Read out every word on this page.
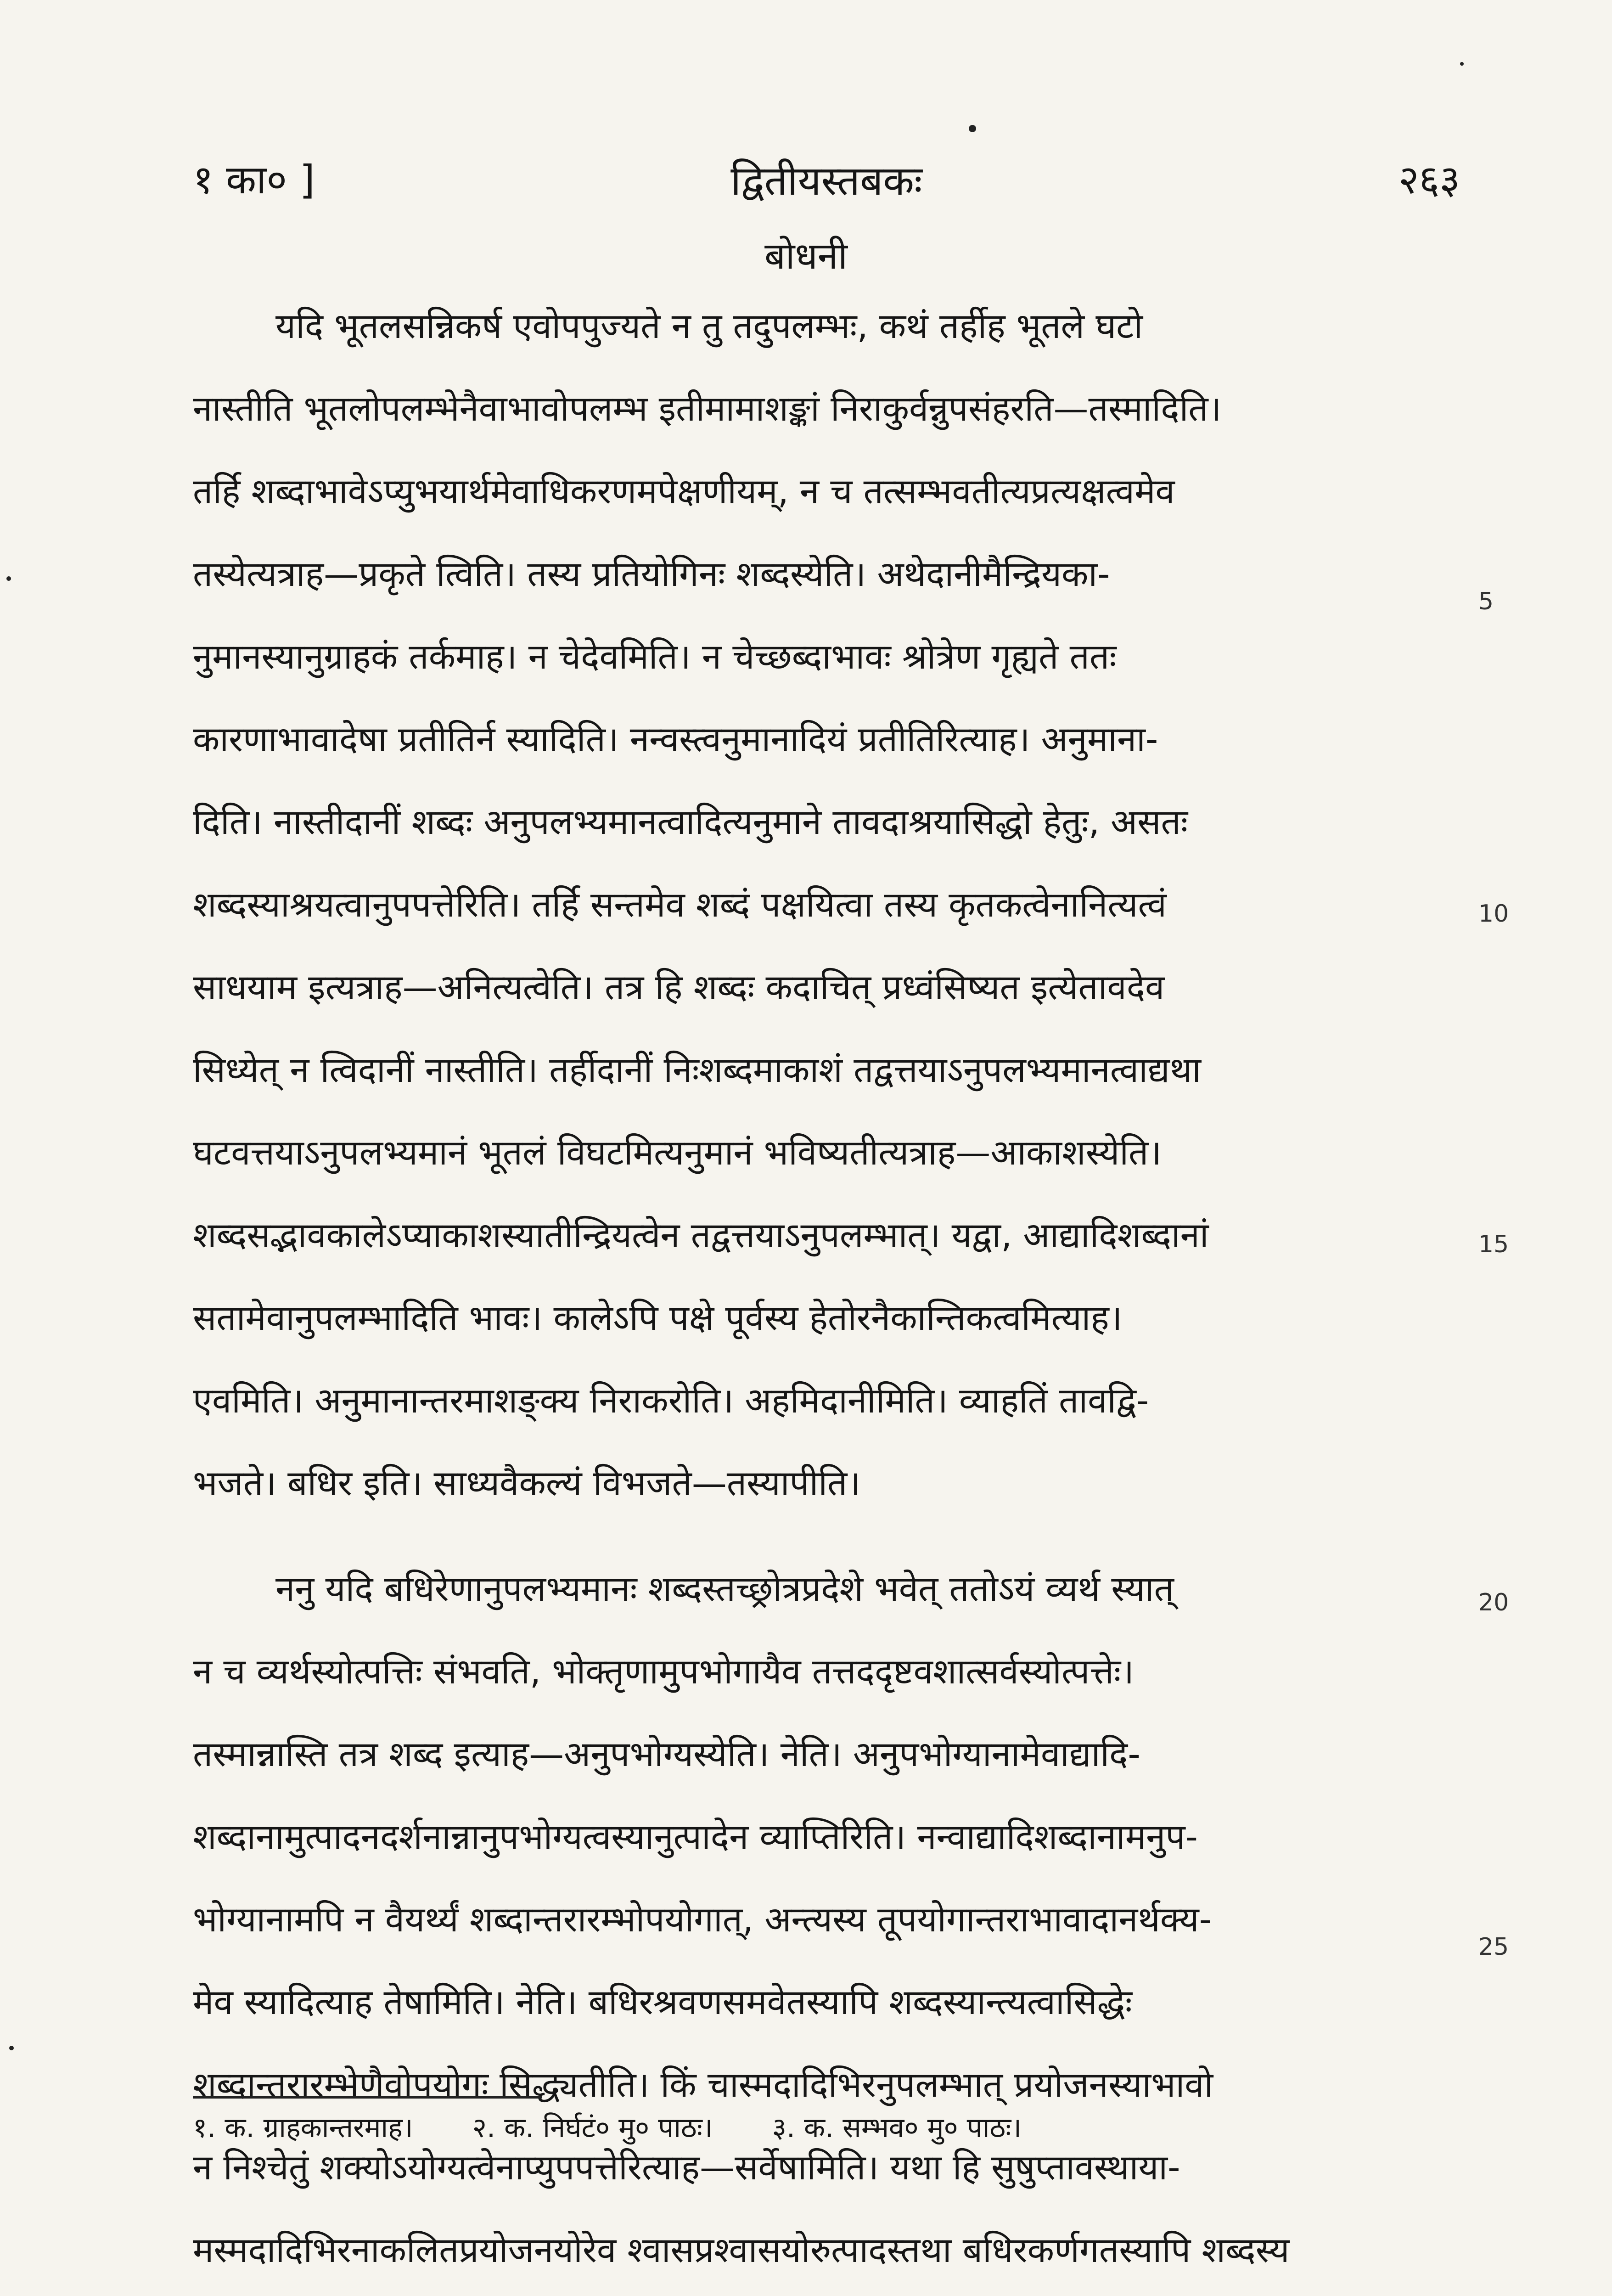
१ का० ]	द्वितीयस्तबकः	२६३
बोधनी
यदि भूतलसन्निकर्ष एवोपपुज्यते न तु तदुपलम्भः, कथं तर्हीह भूतले घटो
नास्तीति भूतलोपलम्भेनैवाभावोपलम्भ इतीमामाशङ्कां निराकुर्वन्नुपसंहरति—तस्मादिति।
तर्हि शब्दाभावेऽप्युभयार्थमेवाधिकरणमपेक्षणीयम्, न च तत्सम्भवतीत्यप्रत्यक्षत्वमेव
तस्येत्यत्राह—प्रकृते त्विति। तस्य प्रतियोगिनः शब्दस्येति। अथेदानीमैन्द्रियका-
नुमानस्यानुग्राहकं तर्कमाह। न चेदेवमिति। न चेच्छब्दाभावः श्रोत्रेण गृह्यते ततः
कारणाभावादेषा प्रतीतिर्न स्यादिति। नन्वस्त्वनुमानादियं प्रतीतिरित्याह। अनुमाना-
दिति। नास्तीदानीं शब्दः अनुपलभ्यमानत्वादित्यनुमाने तावदाश्रयासिद्धो हेतुः, असतः
शब्दस्याश्रयत्वानुपपत्तेरिति। तर्हि सन्तमेव शब्दं पक्षयित्वा तस्य कृतकत्वेनानित्यत्वं
साधयाम इत्यत्राह—अनित्यत्वेति। तत्र हि शब्दः कदाचित् प्रध्वंसिष्यत इत्येतावदेव
सिध्येत् न त्विदानीं नास्तीति। तर्हीदानीं निःशब्दमाकाशं तद्वत्तयाऽनुपलभ्यमानत्वाद्यथा
घटवत्तयाऽनुपलभ्यमानं भूतलं विघटमित्यनुमानं भविष्यतीत्यत्राह—आकाशस्येति।
शब्दसद्भावकालेऽप्याकाशस्यातीन्द्रियत्वेन तद्वत्तयाऽनुपलम्भात्। यद्वा, आद्यादिशब्दानां
सतामेवानुपलम्भादिति भावः। कालेऽपि पक्षे पूर्वस्य हेतोरनैकान्तिकत्वमित्याह।
एवमिति। अनुमानान्तरमाशङ्क्य निराकरोति। अहमिदानीमिति। व्याहतिं तावद्वि-
भजते। बधिर इति। साध्यवैकल्यं विभजते—तस्यापीति।
ननु यदि बधिरेणानुपलभ्यमानः शब्दस्तच्छ्रोत्रप्रदेशे भवेत् ततोऽयं व्यर्थ स्यात्
न च व्यर्थस्योत्पत्तिः संभवति, भोक्तृणामुपभोगायैव तत्तददृष्टवशात्सर्वस्योत्पत्तेः।
तस्मान्नास्ति तत्र शब्द इत्याह—अनुपभोग्यस्येति। नेति। अनुपभोग्यानामेवाद्यादि-
शब्दानामुत्पादनदर्शनान्नानुपभोग्यत्वस्यानुत्पादेन व्याप्तिरिति। नन्वाद्यादिशब्दानामनुप-
भोग्यानामपि न वैयर्थ्यं शब्दान्तरारम्भोपयोगात्, अन्त्यस्य तूपयोगान्तराभावादानर्थक्य-
मेव स्यादित्याह तेषामिति। नेति। बधिरश्रवणसमवेतस्यापि शब्दस्यान्त्यत्वासिद्धेः
शब्दान्तरारम्भेणैवोपयोगः सिद्ध्यतीति। किं चास्मदादिभिरनुपलम्भात् प्रयोजनस्याभावो
न निश्चेतुं शक्योऽयोग्यत्वेनाप्युपपत्तेरित्याह—सर्वेषामिति। यथा हि सुषुप्तावस्थाया-
मस्मदादिभिरनाकलितप्रयोजनयोरेव श्वासप्रश्वासयोरुत्पादस्तथा बधिरकर्णगतस्यापि शब्दस्य
5
10
15
20
25
१. क. ग्राहकान्तरमाह। २. क. निर्घटं० मु० पाठः। ३. क. सम्भव० मु० पाठः।
